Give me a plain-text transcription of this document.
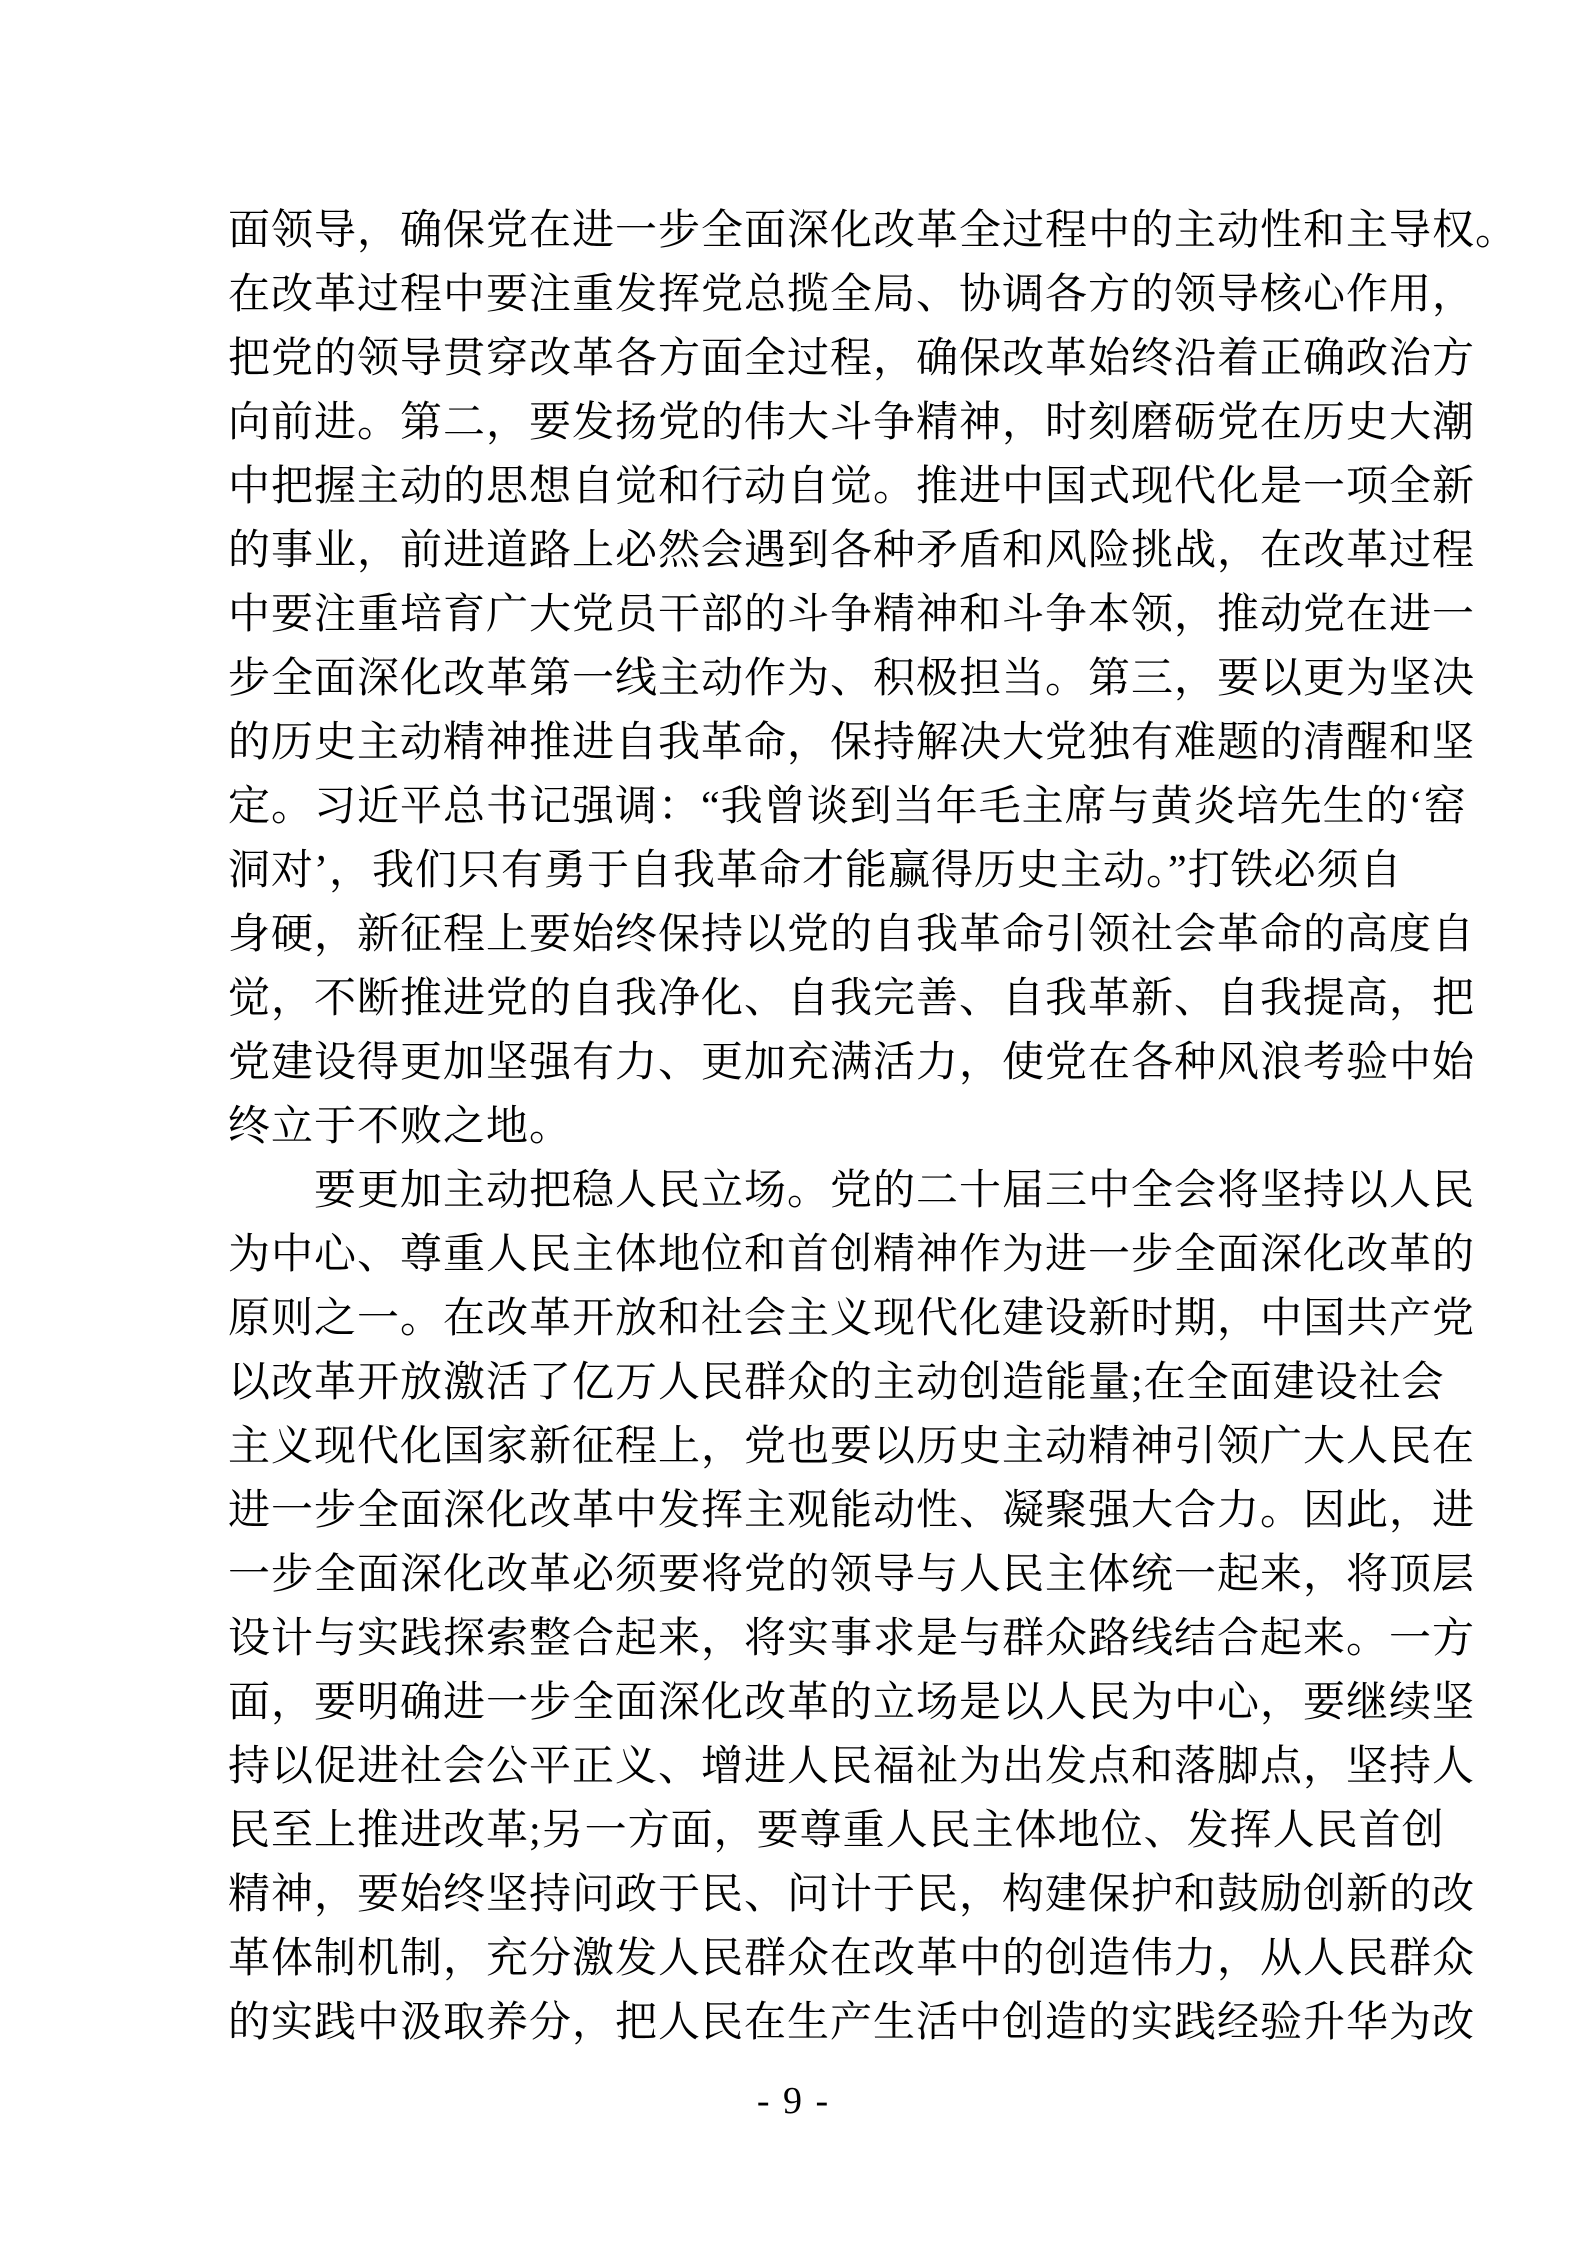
面领导，确保党在进一步全面深化改革全过程中的主动性和主导权。
在改革过程中要注重发挥党总揽全局、协调各方的领导核心作用，
把党的领导贯穿改革各方面全过程，确保改革始终沿着正确政治方
向前进。第二，要发扬党的伟大斗争精神，时刻磨砺党在历史大潮
中把握主动的思想自觉和行动自觉。推进中国式现代化是一项全新
的事业，前进道路上必然会遇到各种矛盾和风险挑战，在改革过程
中要注重培育广大党员干部的斗争精神和斗争本领，推动党在进一
步全面深化改革第一线主动作为、积极担当。第三，要以更为坚决
的历史主动精神推进自我革命，保持解决大党独有难题的清醒和坚
定。习近平总书记强调：“我曾谈到当年毛主席与黄炎培先生的‘窑
洞对’，我们只有勇于自我革命才能赢得历史主动。”打铁必须自
身硬，新征程上要始终保持以党的自我革命引领社会革命的高度自
觉，不断推进党的自我净化、自我完善、自我革新、自我提高，把
党建设得更加坚强有力、更加充满活力，使党在各种风浪考验中始
终立于不败之地。
要更加主动把稳人民立场。党的二十届三中全会将坚持以人民
为中心、尊重人民主体地位和首创精神作为进一步全面深化改革的
原则之一。在改革开放和社会主义现代化建设新时期，中国共产党
以改革开放激活了亿万人民群众的主动创造能量;在全面建设社会
主义现代化国家新征程上，党也要以历史主动精神引领广大人民在
进一步全面深化改革中发挥主观能动性、凝聚强大合力。因此，进
一步全面深化改革必须要将党的领导与人民主体统一起来，将顶层
设计与实践探索整合起来，将实事求是与群众路线结合起来。一方
面，要明确进一步全面深化改革的立场是以人民为中心，要继续坚
持以促进社会公平正义、增进人民福祉为出发点和落脚点，坚持人
民至上推进改革;另一方面，要尊重人民主体地位、发挥人民首创
精神，要始终坚持问政于民、问计于民，构建保护和鼓励创新的改
革体制机制，充分激发人民群众在改革中的创造伟力，从人民群众
的实践中汲取养分，把人民在生产生活中创造的实践经验升华为改
- 9 -
